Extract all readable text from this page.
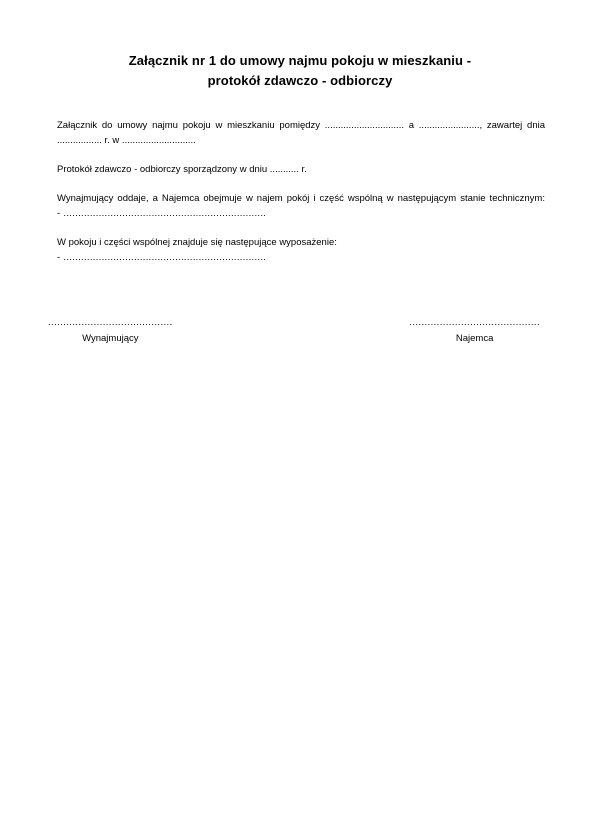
Załącznik nr 1 do umowy najmu pokoju w mieszkaniu -
protokół zdawczo - odbiorczy

Załącznik do umowy najmu pokoju w mieszkaniu pomiędzy .............................. a ......................., zawartej dnia ................. r. w ............................

Protokół zdawczo - odbiorczy sporządzony w dniu ........... r.

Wynajmujący oddaje, a Najemca obejmuje w najem pokój i część wspólną w następującym stanie technicznym:
- .....................................................................
W pokoju i części wspólnej znajduje się następujące wyposażenie:
- .....................................................................
.........................................
Wynajmujący
...........................................
Najemca
